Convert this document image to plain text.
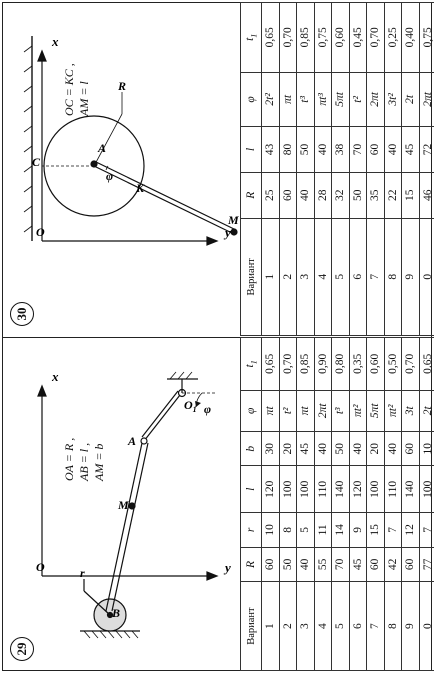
29
y
x
O
B
r
M
A
$O_1$ φ
OA = R , AB = l , AM = b
Вариант	R	r	l	b	φ	$t_1$
1	60	10	120	30	πt	0,65
2	50	8	100	20	t²	0,70
3	40	5	100	45	πt	0,85
4	55	11	110	40	2πt	0,90
5	70	14	140	50	t³	0,80
6	45	9	120	40	πt²	0,35
7	60	15	100	20	5πt	0,60
8	42	7	110	40	πt²	0,50
9	60	12	140	60	3t	0,70
0	77	7	100	10	2t	0.65
30
y
x
O
C
A
K
M
R
φ
OC = KC , AM = l
Вариант	R	l	φ	$t_1$
1	25	43	2t²	0,65
2	60	80	πt	0,70
3	40	50	t³	0,85
4	28	40	πt³	0,75
5	32	38	5πt	0,60
6	50	70	t²	0,45
7	35	60	2πt	0,70
8	22	40	3t²	0,25
9	15	45	2t	0,40
0	46	72	2πt	0,75
